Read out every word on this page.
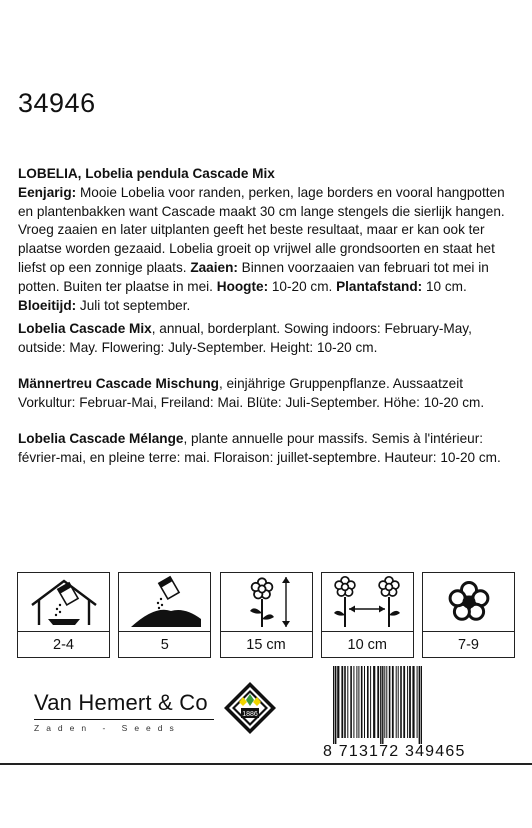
34946
LOBELIA, Lobelia pendula Cascade Mix
Eenjarig: Mooie Lobelia voor randen, perken, lage borders en vooral hangpotten en plantenbakken want Cascade maakt 30 cm lange stengels die sierlijk hangen. Vroeg zaaien en later uitplanten geeft het beste resultaat, maar er kan ook ter plaatse worden gezaaid. Lobelia groeit op vrijwel alle grondsoorten en staat het liefst op een zonnige plaats. Zaaien: Binnen voorzaaien van februari tot mei in potten. Buiten ter plaatse in mei. Hoogte: 10-20 cm. Plantafstand: 10 cm. Bloeitijd: Juli tot september.
Lobelia Cascade Mix, annual, borderplant. Sowing indoors: February-May, outside: May. Flowering: July-September. Height: 10-20 cm.
Männertreu Cascade Mischung, einjährige Gruppenpflanze. Aussaatzeit Vorkultur: Februar-Mai, Freiland: Mai. Blüte: Juli-September. Höhe: 10-20 cm.
Lobelia Cascade Mélange, plante annuelle pour massifs. Semis à l'intérieur: février-mai, en pleine terre: mai. Floraison: juillet-septembre. Hauteur: 10-20 cm.
2-4	5	15 cm	10 cm	7-9
Van Hemert & Co
Zaden - Seeds
1886
8 713172 349465
